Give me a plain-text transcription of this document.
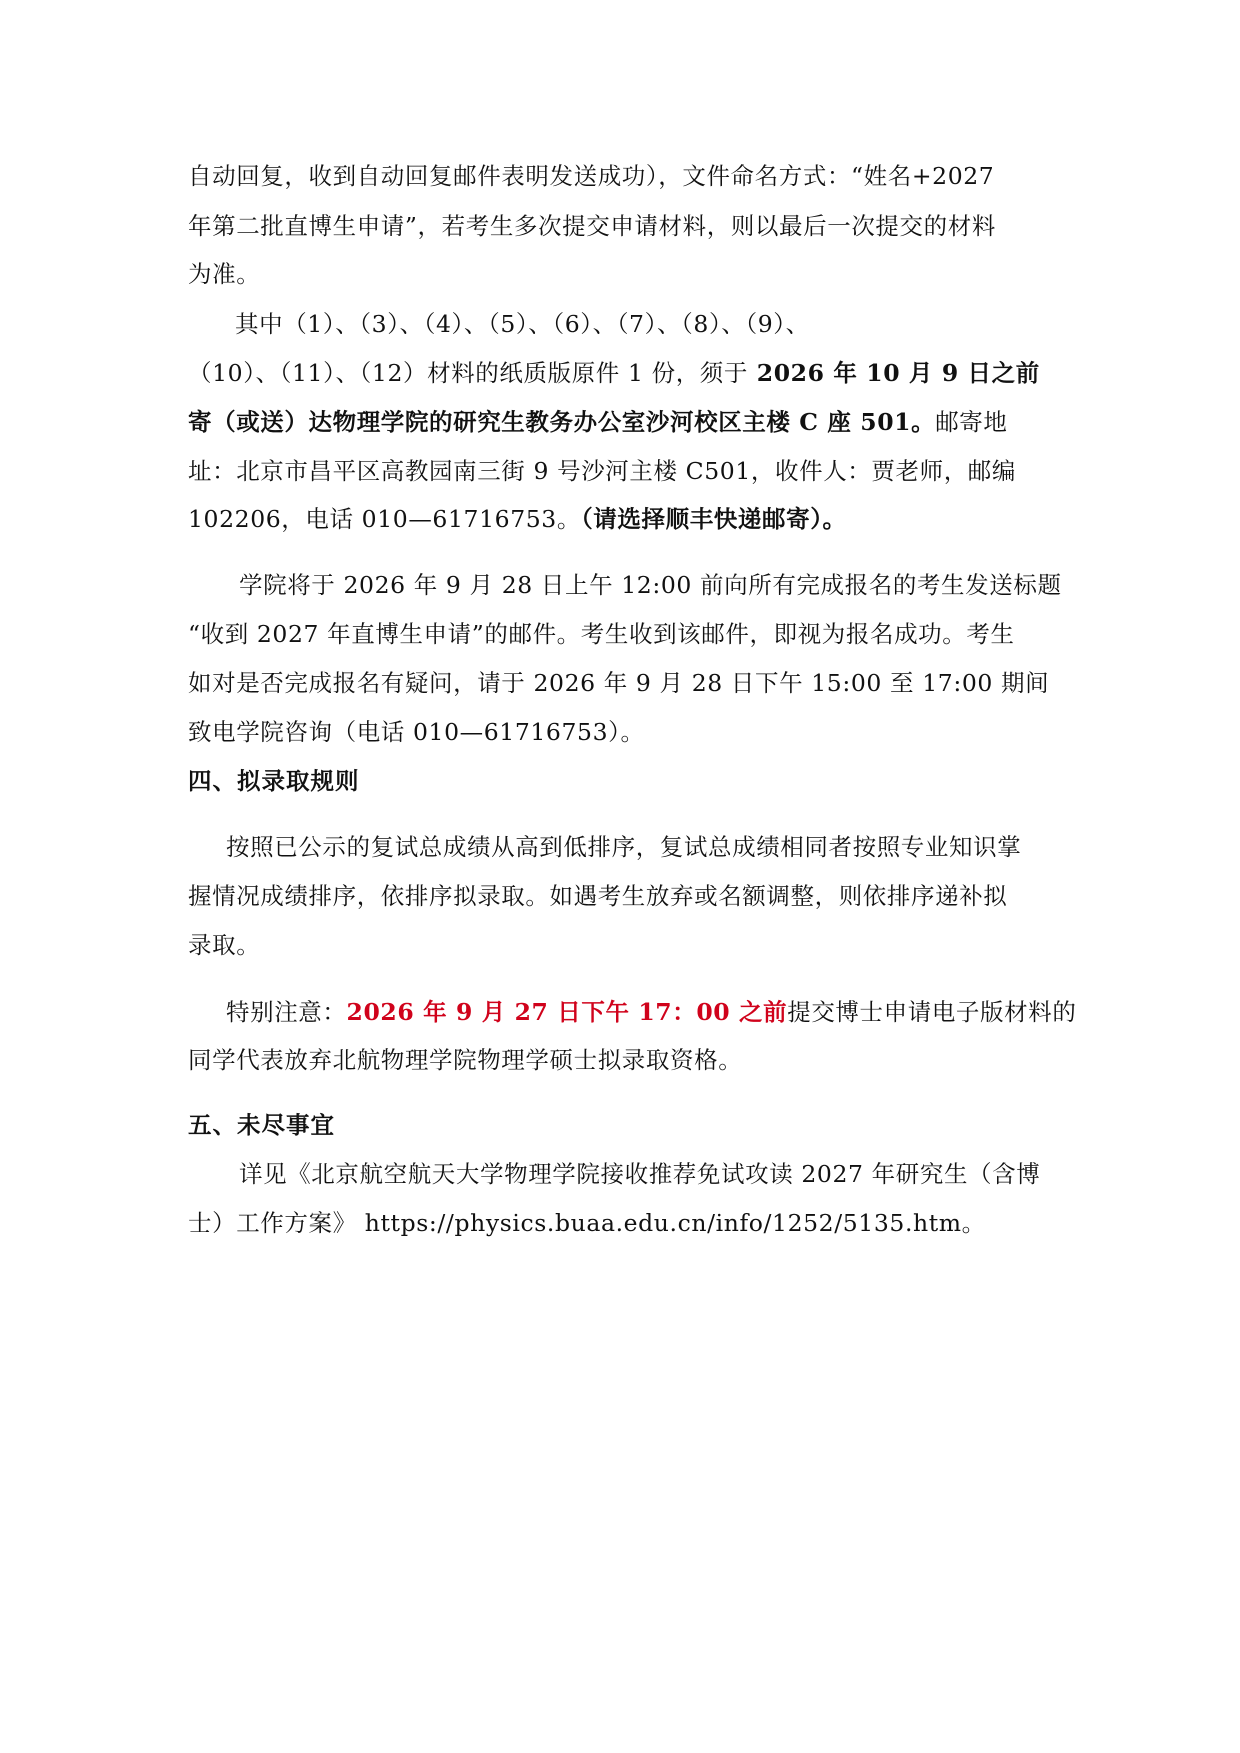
自动回复，收到自动回复邮件表明发送成功），文件命名方式：“姓名+2027
年第二批直博生申请”，若考生多次提交申请材料，则以最后一次提交的材料
为准。
其中（1）、（3）、（4）、（5）、（6）、（7）、（8）、（9）、
（10）、（11）、（12）材料的纸质版原件 1 份，须于 2026 年 10 月 9 日之前
寄（或送）达物理学院的研究生教务办公室沙河校区主楼 C 座 501。邮寄地
址：北京市昌平区高教园南三街 9 号沙河主楼 C501，收件人：贾老师，邮编
102206，电话 010—61716753。（请选择顺丰快递邮寄）。
学院将于 2026 年 9 月 28 日上午 12:00 前向所有完成报名的考生发送标题
“收到 2027 年直博生申请”的邮件。考生收到该邮件，即视为报名成功。考生
如对是否完成报名有疑问，请于 2026 年 9 月 28 日下午 15:00 至 17:00 期间
致电学院咨询（电话 010—61716753）。
四、拟录取规则
按照已公示的复试总成绩从高到低排序，复试总成绩相同者按照专业知识掌
握情况成绩排序，依排序拟录取。如遇考生放弃或名额调整，则依排序递补拟
录取。
特别注意：2026 年 9 月 27 日下午 17：00 之前提交博士申请电子版材料的
同学代表放弃北航物理学院物理学硕士拟录取资格。
五、未尽事宜
详见《北京航空航天大学物理学院接收推荐免试攻读 2027 年研究生（含博
士）工作方案》 https://physics.buaa.edu.cn/info/1252/5135.htm。
